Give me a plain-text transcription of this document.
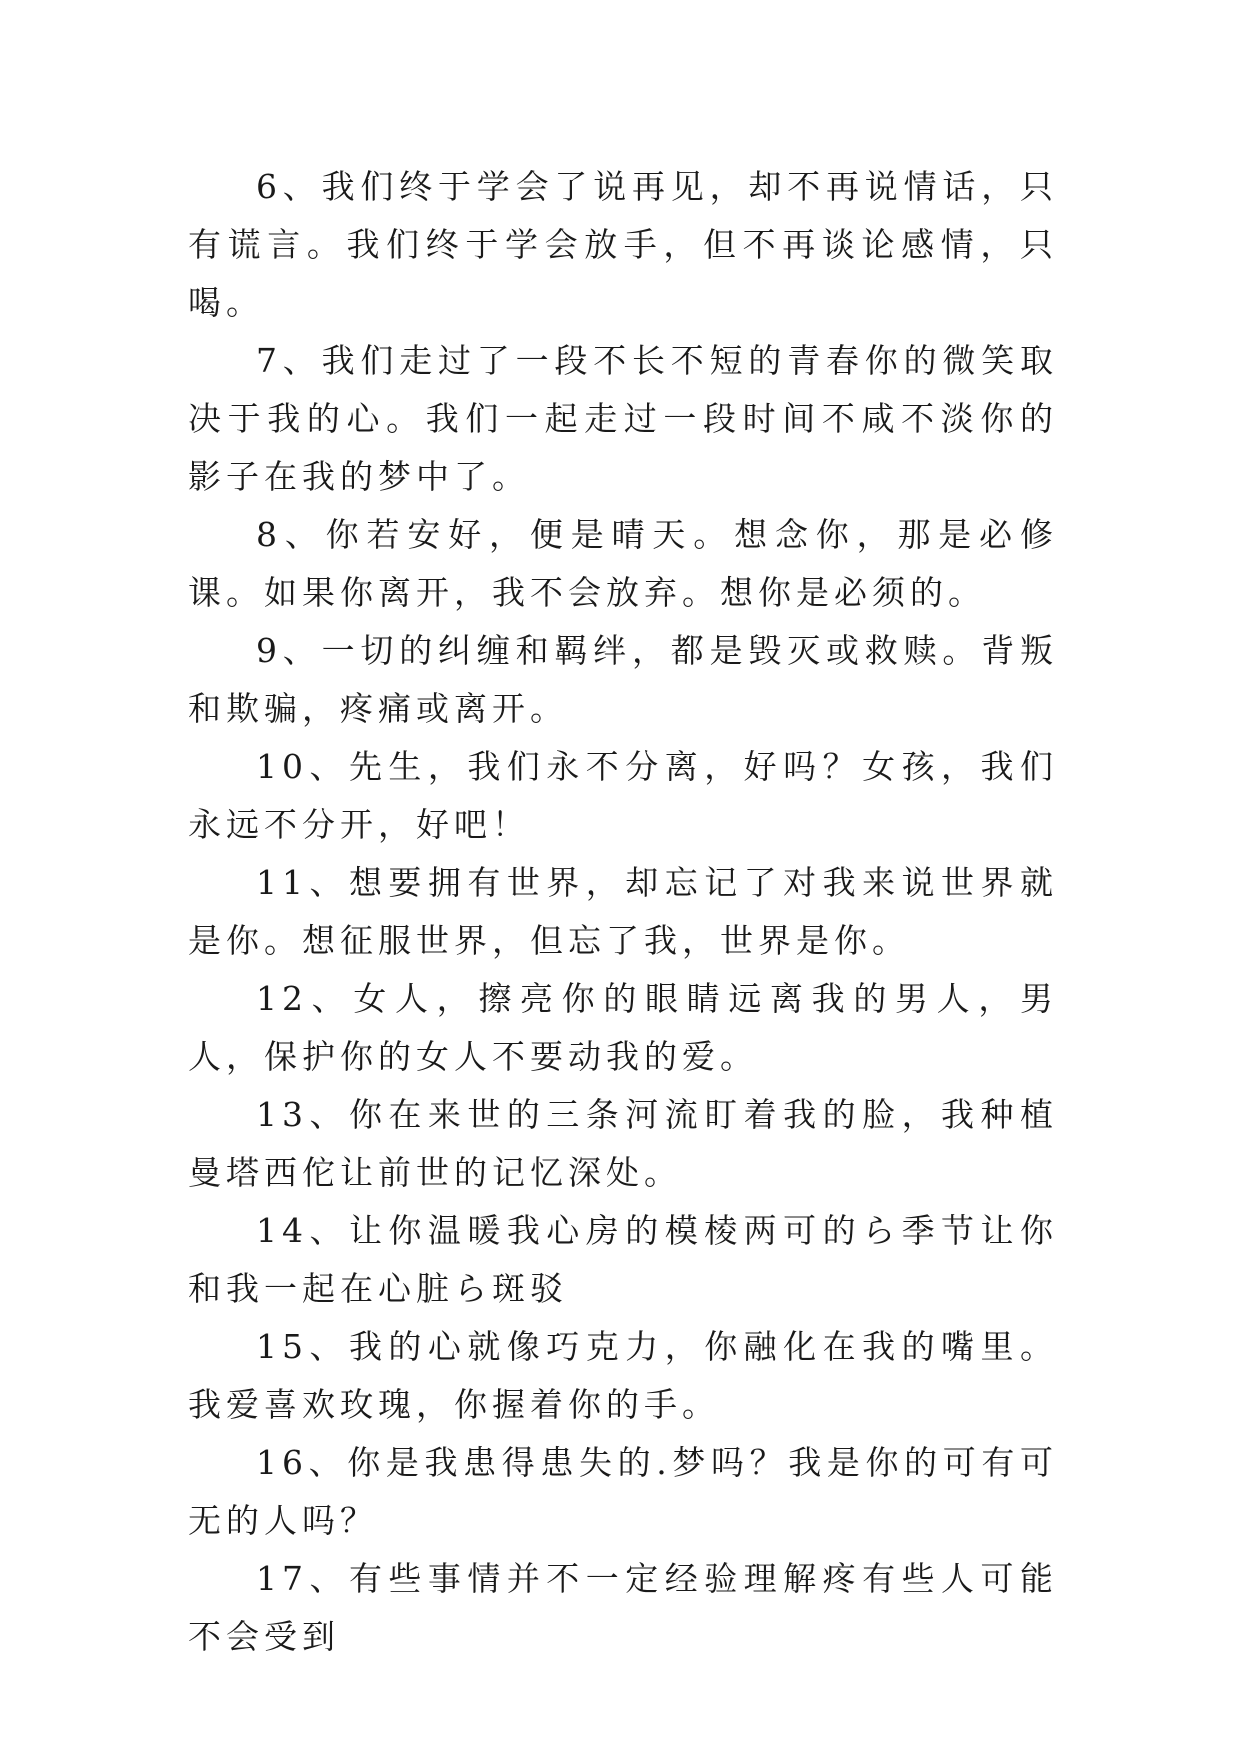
6、我们终于学会了说再见，却不再说情话，只有谎言。我们终于学会放手，但不再谈论感情，只喝。

7、我们走过了一段不长不短的青春你的微笑取决于我的心。我们一起走过一段时间不咸不淡你的影子在我的梦中了。

8、你若安好，便是晴天。想念你，那是必修课。如果你离开，我不会放弃。想你是必须的。

9、一切的纠缠和羁绊，都是毁灭或救赎。背叛和欺骗，疼痛或离开。

10、先生，我们永不分离，好吗？女孩，我们永远不分开，好吧！

11、想要拥有世界，却忘记了对我来说世界就是你。想征服世界，但忘了我，世界是你。

12、女人，擦亮你的眼睛远离我的男人，男人，保护你的女人不要动我的爱。

13、你在来世的三条河流盯着我的脸，我种植曼塔西佗让前世的记忆深处。

14、让你温暖我心房的模棱两可的ら季节让你和我一起在心脏ら斑驳

15、我的心就像巧克力，你融化在我的嘴里。我爱喜欢玫瑰，你握着你的手。

16、你是我患得患失的.梦吗？我是你的可有可无的人吗？

17、有些事情并不一定经验理解疼有些人可能不会受到
